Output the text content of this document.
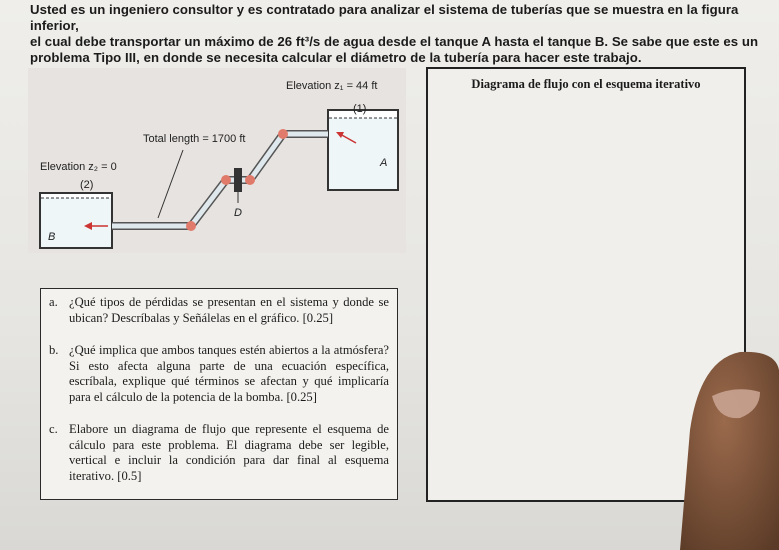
Usted es un ingeniero consultor y es contratado para analizar el sistema de tuberías que se muestra en la figura inferior,
el cual debe transportar un máximo de 26 ft³/s de agua desde el tanque A hasta el tanque B. Se sabe que este es un
problema Tipo III, en donde se necesita calcular el diámetro de la tubería para hacer este trabajo.
Elevation z₁ = 44 ft
(1)
Total length = 1700 ft
Elevation z₂ = 0
(2)
A
B
D
a. ¿Qué tipos de pérdidas se presentan en el sistema y donde se ubican? Descríbalas y Señálelas en el gráfico. [0.25]
b. ¿Qué implica que ambos tanques estén abiertos a la atmósfera? Si esto afecta alguna parte de una ecuación específica, escríbala, explique qué términos se afectan y qué implicaría para el cálculo de la potencia de la bomba. [0.25]
c. Elabore un diagrama de flujo que represente el esquema de cálculo para este problema. El diagrama debe ser legible, vertical e incluir la condición para dar final al esquema iterativo. [0.5]
Diagrama de flujo con el esquema iterativo
